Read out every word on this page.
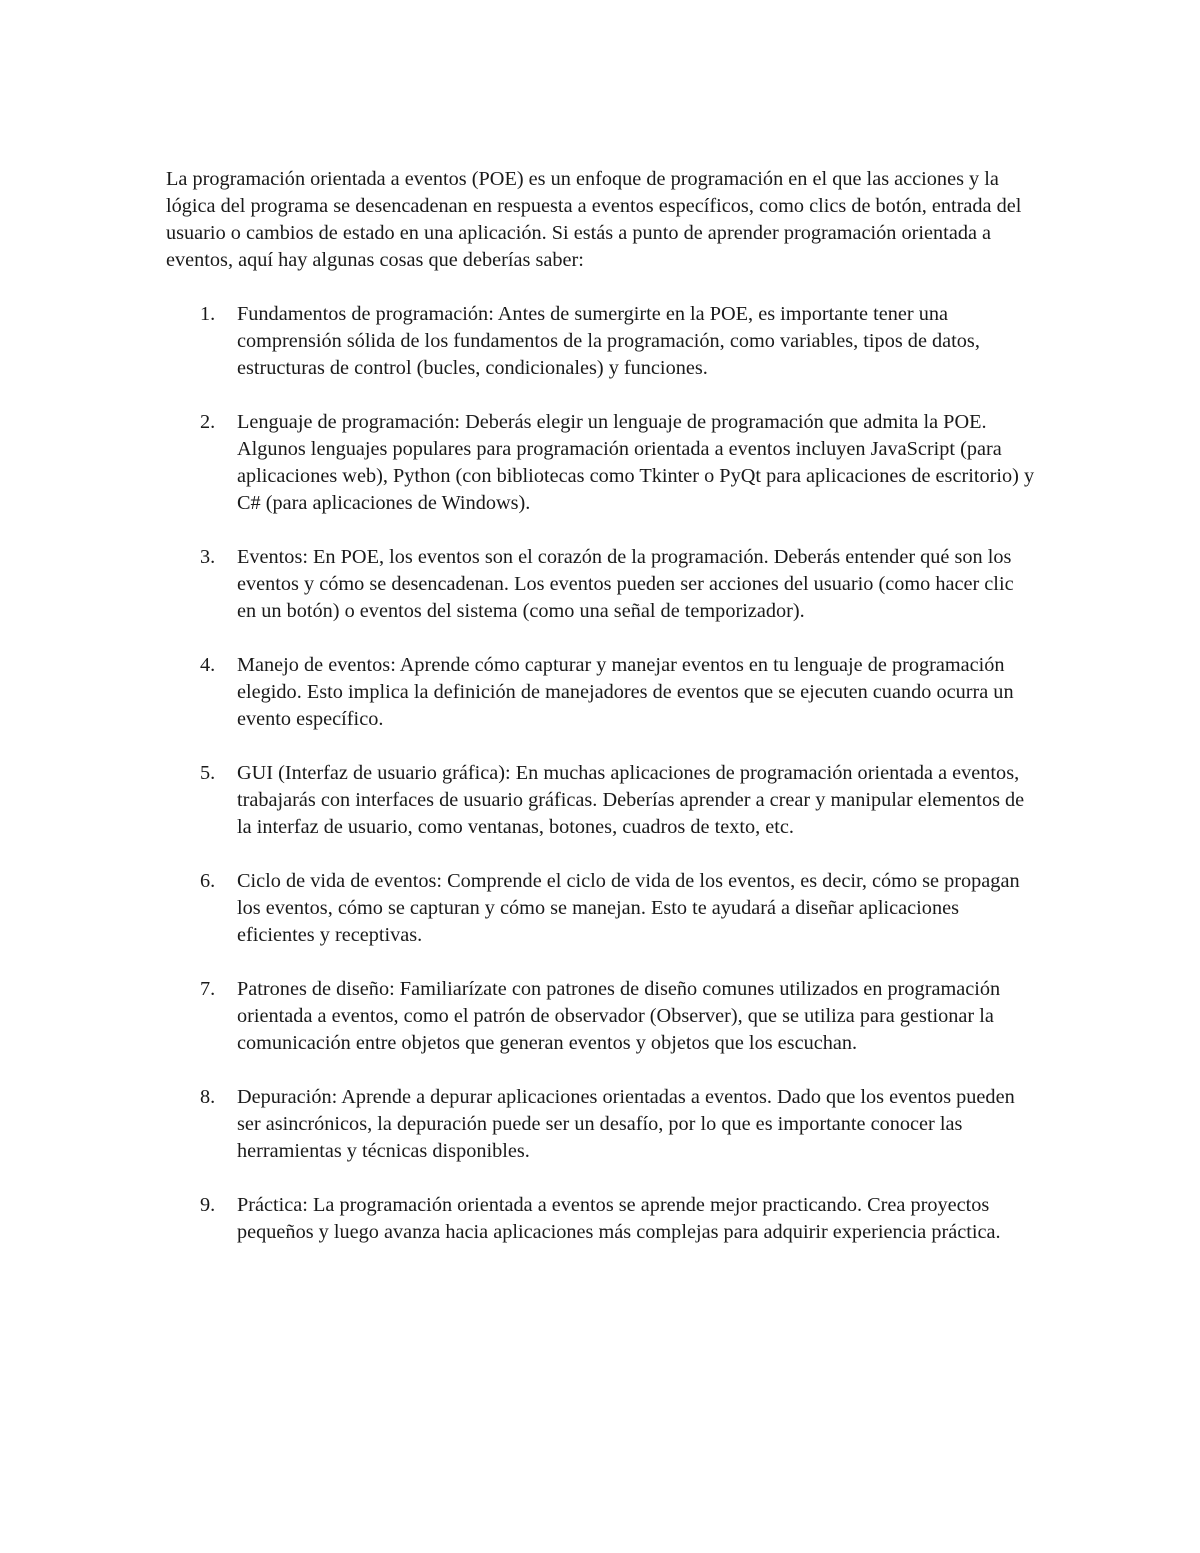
La programación orientada a eventos (POE) es un enfoque de programación en el que las acciones y la lógica del programa se desencadenan en respuesta a eventos específicos, como clics de botón, entrada del usuario o cambios de estado en una aplicación. Si estás a punto de aprender programación orientada a eventos, aquí hay algunas cosas que deberías saber:

1. Fundamentos de programación: Antes de sumergirte en la POE, es importante tener una comprensión sólida de los fundamentos de la programación, como variables, tipos de datos, estructuras de control (bucles, condicionales) y funciones.
2. Lenguaje de programación: Deberás elegir un lenguaje de programación que admita la POE. Algunos lenguajes populares para programación orientada a eventos incluyen JavaScript (para aplicaciones web), Python (con bibliotecas como Tkinter o PyQt para aplicaciones de escritorio) y C# (para aplicaciones de Windows).
3. Eventos: En POE, los eventos son el corazón de la programación. Deberás entender qué son los eventos y cómo se desencadenan. Los eventos pueden ser acciones del usuario (como hacer clic en un botón) o eventos del sistema (como una señal de temporizador).
4. Manejo de eventos: Aprende cómo capturar y manejar eventos en tu lenguaje de programación elegido. Esto implica la definición de manejadores de eventos que se ejecuten cuando ocurra un evento específico.
5. GUI (Interfaz de usuario gráfica): En muchas aplicaciones de programación orientada a eventos, trabajarás con interfaces de usuario gráficas. Deberías aprender a crear y manipular elementos de la interfaz de usuario, como ventanas, botones, cuadros de texto, etc.
6. Ciclo de vida de eventos: Comprende el ciclo de vida de los eventos, es decir, cómo se propagan los eventos, cómo se capturan y cómo se manejan. Esto te ayudará a diseñar aplicaciones eficientes y receptivas.
7. Patrones de diseño: Familiarízate con patrones de diseño comunes utilizados en programación orientada a eventos, como el patrón de observador (Observer), que se utiliza para gestionar la comunicación entre objetos que generan eventos y objetos que los escuchan.
8. Depuración: Aprende a depurar aplicaciones orientadas a eventos. Dado que los eventos pueden ser asincrónicos, la depuración puede ser un desafío, por lo que es importante conocer las herramientas y técnicas disponibles.
9. Práctica: La programación orientada a eventos se aprende mejor practicando. Crea proyectos pequeños y luego avanza hacia aplicaciones más complejas para adquirir experiencia práctica.
